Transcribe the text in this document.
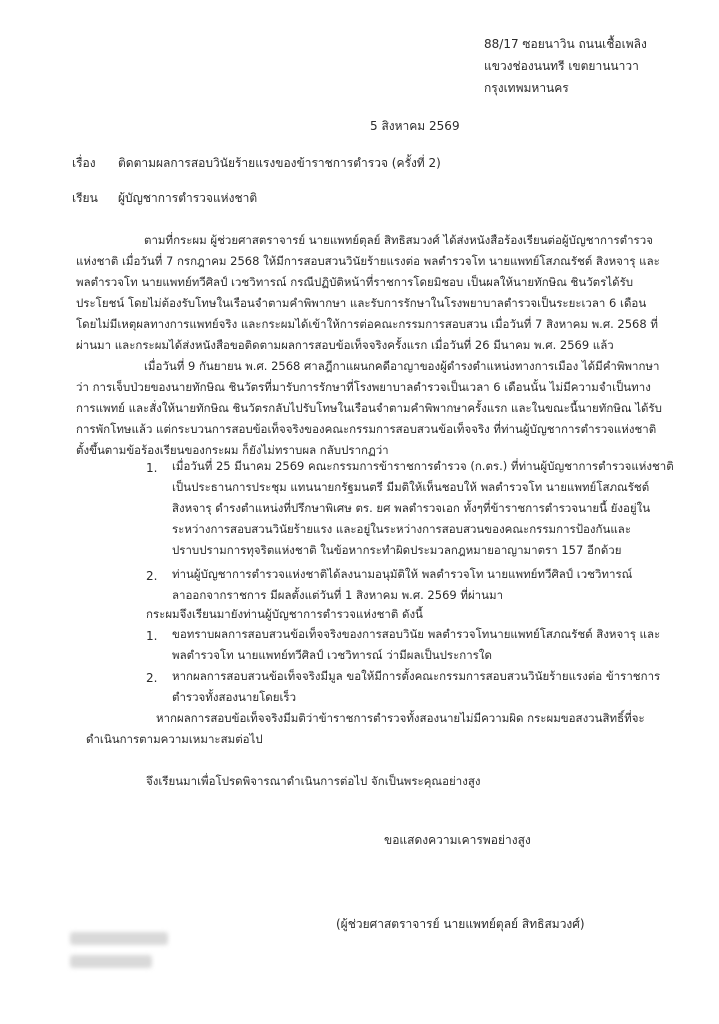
88/17 ซอยนาวิน ถนนเชื้อเพลิง
แขวงช่องนนทรี เขตยานนาวา
กรุงเทพมหานคร
5 สิงหาคม 2569
เรื่อง ติดตามผลการสอบวินัยร้ายแรงของข้าราชการตำรวจ (ครั้งที่ 2)
เรียน ผู้บัญชาการตำรวจแห่งชาติ
ตามที่กระผม ผู้ช่วยศาสตราจารย์ นายแพทย์ตุลย์ สิทธิสมวงศ์ ได้ส่งหนังสือร้องเรียนต่อผู้บัญชาการตำรวจ
แห่งชาติ เมื่อวันที่ 7 กรกฎาคม 2568 ให้มีการสอบสวนวินัยร้ายแรงต่อ พลตำรวจโท นายแพทย์โสภณรัชต์ สิงหจารุ และ
พลตำรวจโท นายแพทย์ทวีศิลป์ เวชวิทารณ์ กรณีปฏิบัติหน้าที่ราชการโดยมิชอบ เป็นผลให้นายทักษิณ ชินวัตรได้รับ
ประโยชน์ โดยไม่ต้องรับโทษในเรือนจำตามคำพิพากษา และรับการรักษาในโรงพยาบาลตำรวจเป็นระยะเวลา 6 เดือน
โดยไม่มีเหตุผลทางการแพทย์จริง และกระผมได้เข้าให้การต่อคณะกรรมการสอบสวน เมื่อวันที่ 7 สิงหาคม พ.ศ. 2568 ที่
ผ่านมา และกระผมได้ส่งหนังสือขอติดตามผลการสอบข้อเท็จจริงครั้งแรก เมื่อวันที่ 26 มีนาคม พ.ศ. 2569 แล้ว
เมื่อวันที่ 9 กันยายน พ.ศ. 2568 ศาลฎีกาแผนกคดีอาญาของผู้ดำรงตำแหน่งทางการเมือง ได้มีคำพิพากษา
ว่า การเจ็บป่วยของนายทักษิณ ชินวัตรที่มารับการรักษาที่โรงพยาบาลตำรวจเป็นเวลา 6 เดือนนั้น ไม่มีความจำเป็นทาง
การแพทย์ และสั่งให้นายทักษิณ ชินวัตรกลับไปรับโทษในเรือนจำตามคำพิพากษาครั้งแรก และในขณะนี้นายทักษิณ ได้รับ
การพักโทษแล้ว แต่กระบวนการสอบข้อเท็จจริงของคณะกรรมการสอบสวนข้อเท็จจริง ที่ท่านผู้บัญชาการตำรวจแห่งชาติ
ตั้งขึ้นตามข้อร้องเรียนของกระผม ก็ยังไม่ทราบผล กลับปรากฏว่า
1. เมื่อวันที่ 25 มีนาคม 2569 คณะกรรมการข้าราชการตำรวจ (ก.ตร.) ที่ท่านผู้บัญชาการตำรวจแห่งชาติ
เป็นประธานการประชุม แทนนายกรัฐมนตรี มีมติให้เห็นชอบให้ พลตำรวจโท นายแพทย์โสภณรัชต์
สิงหจารุ ดำรงตำแหน่งที่ปรึกษาพิเศษ ตร. ยศ พลตำรวจเอก ทั้งๆที่ข้าราชการตำรวจนายนี้ ยังอยู่ใน
ระหว่างการสอบสวนวินัยร้ายแรง และอยู่ในระหว่างการสอบสวนของคณะกรรมการป้องกันและ
ปราบปรามการทุจริตแห่งชาติ ในข้อหากระทำผิดประมวลกฎหมายอาญามาตรา 157 อีกด้วย
2. ท่านผู้บัญชาการตำรวจแห่งชาติได้ลงนามอนุมัติให้ พลตำรวจโท นายแพทย์ทวีศิลป์ เวชวิทารณ์
ลาออกจากราชการ มีผลตั้งแต่วันที่ 1 สิงหาคม พ.ศ. 2569 ที่ผ่านมา
กระผมจึงเรียนมายังท่านผู้บัญชาการตำรวจแห่งชาติ ดังนี้
1. ขอทราบผลการสอบสวนข้อเท็จจริงของการสอบวินัย พลตำรวจโทนายแพทย์โสภณรัชต์ สิงหจารุ และ
พลตำรวจโท นายแพทย์ทวีศิลป์ เวชวิทารณ์ ว่ามีผลเป็นประการใด
2. หากผลการสอบสวนข้อเท็จจริงมีมูล ขอให้มีการตั้งคณะกรรมการสอบสวนวินัยร้ายแรงต่อ ข้าราชการ
ตำรวจทั้งสองนายโดยเร็ว
หากผลการสอบข้อเท็จจริงมีมติว่าข้าราชการตำรวจทั้งสองนายไม่มีความผิด กระผมขอสงวนสิทธิ์ที่จะ
ดำเนินการตามความเหมาะสมต่อไป
จึงเรียนมาเพื่อโปรดพิจารณาดำเนินการต่อไป จักเป็นพระคุณอย่างสูง
ขอแสดงความเคารพอย่างสูง
(ผู้ช่วยศาสตราจารย์ นายแพทย์ตุลย์ สิทธิสมวงศ์)
